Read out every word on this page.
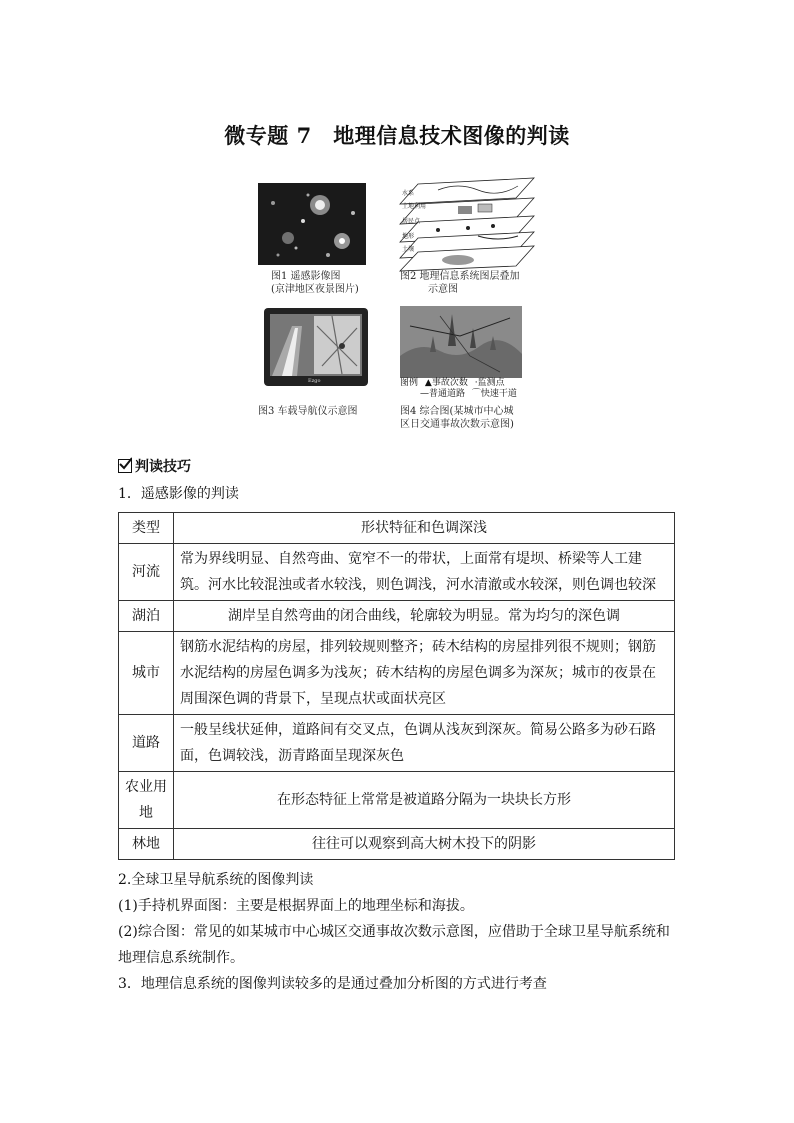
微专题 7　地理信息技术图像的判读
图1 遥感影像图
(京津地区夜景图片)
水系
土地利用
居民点
地形
土壤
图2 地理信息系统图层叠加
示意图
Ezgo
图3 车载导航仪示意图
图例 ▲事故次数 ·监测点
—普通道路 ⌒快速干道
图4 综合图(某城市中心城
区日交通事故次数示意图)
判读技巧
1．遥感影像的判读
类型	形状特征和色调深浅
河流	常为界线明显、自然弯曲、宽窄不一的带状，上面常有堤坝、桥梁等人工建筑。河水比较混浊或者水较浅，则色调浅，河水清澈或水较深，则色调也较深
湖泊	湖岸呈自然弯曲的闭合曲线，轮廓较为明显。常为均匀的深色调
城市	钢筋水泥结构的房屋，排列较规则整齐；砖木结构的房屋排列很不规则；钢筋水泥结构的房屋色调多为浅灰；砖木结构的房屋色调多为深灰；城市的夜景在周围深色调的背景下，呈现点状或面状亮区
道路	一般呈线状延伸，道路间有交叉点，色调从浅灰到深灰。简易公路多为砂石路面，色调较浅，沥青路面呈现深灰色
农业用地	在形态特征上常常是被道路分隔为一块块长方形
林地	往往可以观察到高大树木投下的阴影
2.全球卫星导航系统的图像判读
(1)手持机界面图：主要是根据界面上的地理坐标和海拔。
(2)综合图：常见的如某城市中心城区交通事故次数示意图，应借助于全球卫星导航系统和地理信息系统制作。
3．地理信息系统的图像判读较多的是通过叠加分析图的方式进行考查
